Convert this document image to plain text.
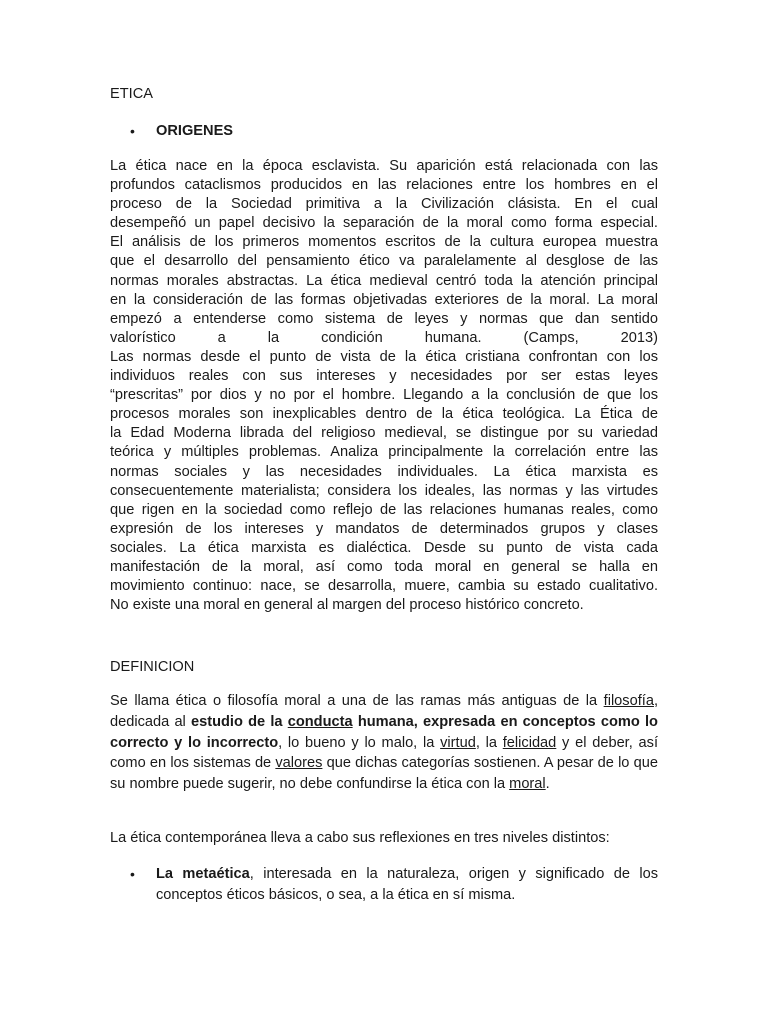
ETICA
• ORIGENES
La ética nace en la época esclavista. Su aparición está relacionada con las
profundos cataclismos producidos en las relaciones entre los hombres en el
proceso de la Sociedad primitiva a la Civilización clásista. En el cual
desempeñó un papel decisivo la separación de la moral como forma especial.
El análisis de los primeros momentos escritos de la cultura europea muestra
que el desarrollo del pensamiento ético va paralelamente al desglose de las
normas morales abstractas. La ética medieval centró toda la atención principal
en la consideración de las formas objetivadas exteriores de la moral. La moral
empezó a entenderse como sistema de leyes y normas que dan sentido
valorístico a la condición humana. (Camps, 2013)
Las normas desde el punto de vista de la ética cristiana confrontan con los
individuos reales con sus intereses y necesidades por ser estas leyes
“prescritas” por dios y no por el hombre. Llegando a la conclusión de que los
procesos morales son inexplicables dentro de la ética teológica. La Ética de
la Edad Moderna librada del religioso medieval, se distingue por su variedad
teórica y múltiples problemas. Analiza principalmente la correlación entre las
normas sociales y las necesidades individuales. La ética marxista es
consecuentemente materialista; considera los ideales, las normas y las virtudes
que rigen en la sociedad como reflejo de las relaciones humanas reales, como
expresión de los intereses y mandatos de determinados grupos y clases
sociales. La ética marxista es dialéctica. Desde su punto de vista cada
manifestación de la moral, así como toda moral en general se halla en
movimiento continuo: nace, se desarrolla, muere, cambia su estado cualitativo.
No existe una moral en general al margen del proceso histórico concreto.
DEFINICION
Se llama ética o filosofía moral a una de las ramas más antiguas de la filosofía, dedicada al estudio de la conducta humana, expresada en conceptos como lo correcto y lo incorrecto, lo bueno y lo malo, la virtud, la felicidad y el deber, así como en los sistemas de valores que dichas categorías sostienen. A pesar de lo que su nombre puede sugerir, no debe confundirse la ética con la moral.
La ética contemporánea lleva a cabo sus reflexiones en tres niveles distintos:
• La metaética, interesada en la naturaleza, origen y significado de los conceptos éticos básicos, o sea, a la ética en sí misma.
